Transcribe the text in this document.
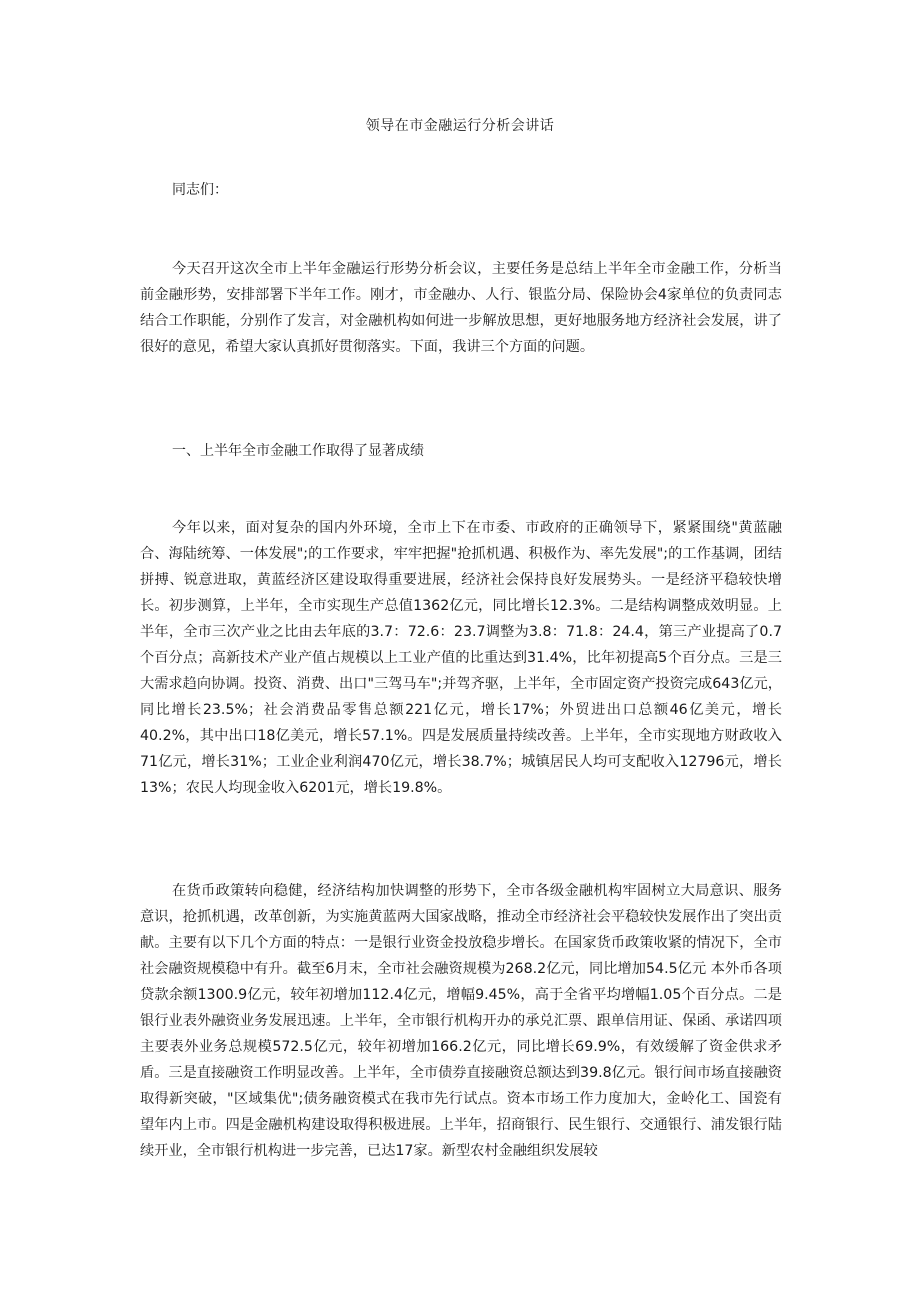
领导在市金融运行分析会讲话
同志们：

今天召开这次全市上半年金融运行形势分析会议，主要任务是总结上半年全市金融工作，分析当前金融形势，安排部署下半年工作。刚才，市金融办、人行、银监分局、保险协会4家单位的负责同志结合工作职能，分别作了发言，对金融机构如何进一步解放思想，更好地服务地方经济社会发展，讲了很好的意见，希望大家认真抓好贯彻落实。下面，我讲三个方面的问题。

一、上半年全市金融工作取得了显著成绩

今年以来，面对复杂的国内外环境，全市上下在市委、市政府的正确领导下，紧紧围绕"黄蓝融合、海陆统筹、一体发展";的工作要求，牢牢把握"抢抓机遇、积极作为、率先发展";的工作基调，团结拼搏、锐意进取，黄蓝经济区建设取得重要进展，经济社会保持良好发展势头。一是经济平稳较快增长。初步测算，上半年，全市实现生产总值1362亿元，同比增长12.3%。二是结构调整成效明显。上半年，全市三次产业之比由去年底的3.7：72.6：23.7调整为3.8：71.8：24.4，第三产业提高了0.7个百分点；高新技术产业产值占规模以上工业产值的比重达到31.4%，比年初提高5个百分点。三是三大需求趋向协调。投资、消费、出口"三驾马车";并驾齐驱，上半年，全市固定资产投资完成643亿元，同比增长23.5%；社会消费品零售总额221亿元，增长17%；外贸进出口总额46亿美元，增长40.2%，其中出口18亿美元，增长57.1%。四是发展质量持续改善。上半年，全市实现地方财政收入71亿元，增长31%；工业企业利润470亿元，增长38.7%；城镇居民人均可支配收入12796元，增长13%；农民人均现金收入6201元，增长19.8%。

在货币政策转向稳健，经济结构加快调整的形势下，全市各级金融机构牢固树立大局意识、服务意识，抢抓机遇，改革创新，为实施黄蓝两大国家战略，推动全市经济社会平稳较快发展作出了突出贡献。主要有以下几个方面的特点：一是银行业资金投放稳步增长。在国家货币政策收紧的情况下，全市社会融资规模稳中有升。截至6月末，全市社会融资规模为268.2亿元，同比增加54.5亿元 本外币各项贷款余额1300.9亿元，较年初增加112.4亿元，增幅9.45%，高于全省平均增幅1.05个百分点。二是银行业表外融资业务发展迅速。上半年，全市银行机构开办的承兑汇票、跟单信用证、保函、承诺四项主要表外业务总规模572.5亿元，较年初增加166.2亿元，同比增长69.9%，有效缓解了资金供求矛盾。三是直接融资工作明显改善。上半年，全市债券直接融资总额达到39.8亿元。银行间市场直接融资取得新突破，"区域集优";债务融资模式在我市先行试点。资本市场工作力度加大，金岭化工、国瓷有望年内上市。四是金融机构建设取得积极进展。上半年，招商银行、民生银行、交通银行、浦发银行陆续开业，全市银行机构进一步完善，已达17家。新型农村金融组织发展较
